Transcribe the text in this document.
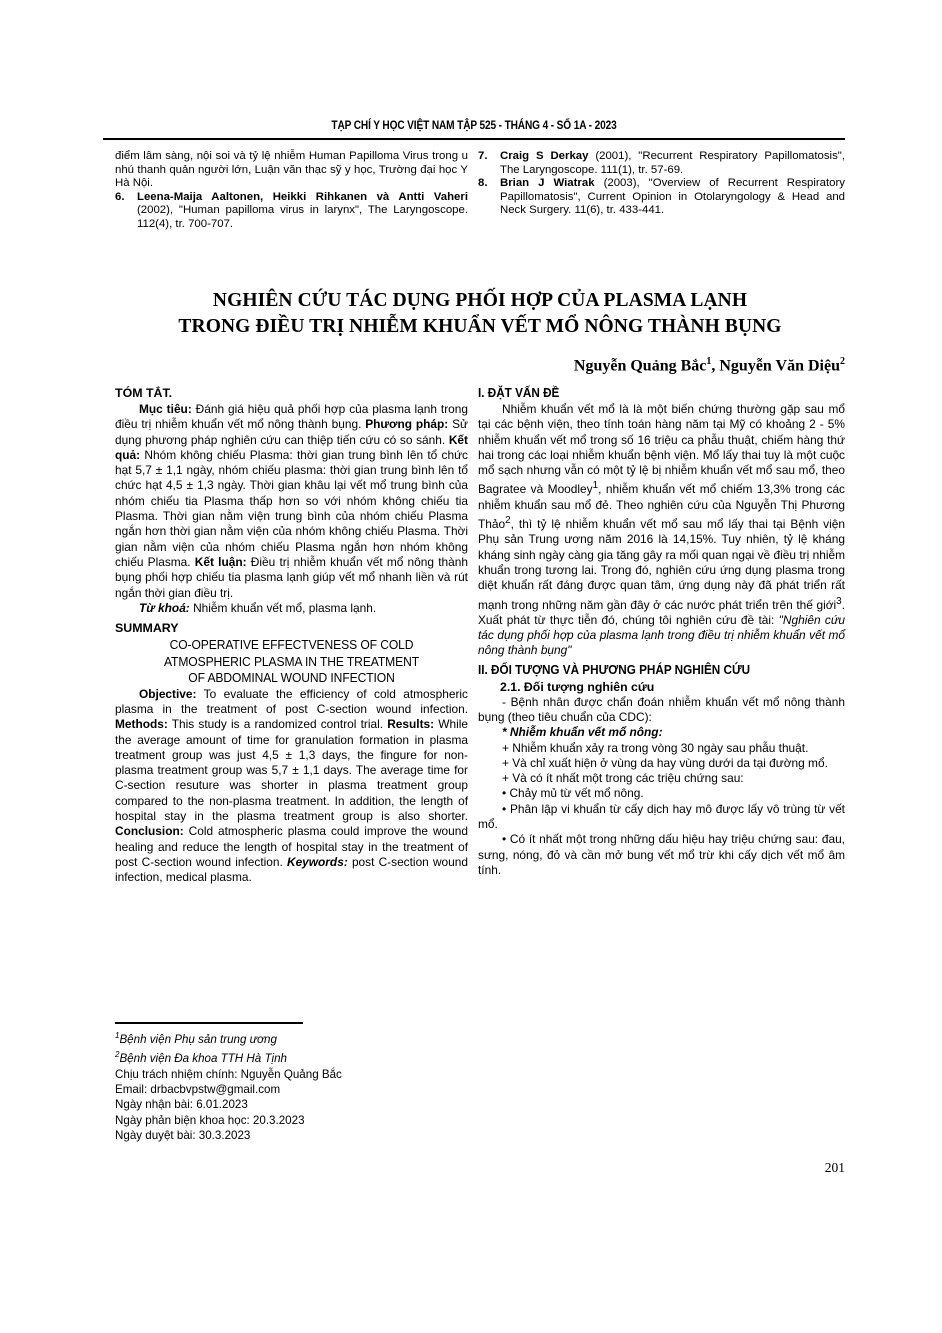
TẠP CHÍ Y HỌC VIỆT NAM TẬP 525 - THÁNG 4 - SỐ 1A - 2023
điểm lâm sàng, nội soi và tỷ lệ nhiễm Human Papilloma Virus trong u nhú thanh quản người lớn, Luận văn thạc sỹ y học, Trường đại học Y Hà Nội.
6.	Leena-Maija Aaltonen, Heikki Rihkanen và Antti Vaheri (2002), "Human papilloma virus in larynx", The Laryngoscope. 112(4), tr. 700-707.
7.	Craig S Derkay (2001), "Recurrent Respiratory Papillomatosis", The Laryngoscope. 111(1), tr. 57-69.
8.	Brian J Wiatrak (2003), "Overview of Recurrent Respiratory Papillomatosis", Current Opinion in Otolaryngology & Head and Neck Surgery. 11(6), tr. 433-441.
NGHIÊN CỨU TÁC DỤNG PHỐI HỢP CỦA PLASMA LẠNH
TRONG ĐIỀU TRỊ NHIỄM KHUẨN VẾT MỔ NÔNG THÀNH BỤNG
Nguyễn Quảng Bắc$^1$, Nguyễn Văn Diệu$^2$
TÓM TẮT.

Mục tiêu: Đánh giá hiệu quả phối hợp của plasma lạnh trong điều trị nhiễm khuẩn vết mổ nông thành bụng. Phương pháp: Sử dụng phương pháp nghiên cứu can thiệp tiến cứu có so sánh. Kết quả: Nhóm không chiếu Plasma: thời gian trung bình lên tổ chức hạt 5,7 ± 1,1 ngày, nhóm chiếu plasma: thời gian trung bình lên tổ chức hạt 4,5 ± 1,3 ngày. Thời gian khâu lại vết mổ trung bình của nhóm chiếu tia Plasma thấp hơn so với nhóm không chiếu tia Plasma. Thời gian nằm viện trung bình của nhóm chiếu Plasma ngắn hơn thời gian nằm viện của nhóm không chiếu Plasma. Thời gian nằm viện của nhóm chiếu Plasma ngắn hơn nhóm không chiếu Plasma. Kết luận: Điều trị nhiễm khuẩn vết mổ nông thành bụng phối hợp chiếu tia plasma lạnh giúp vết mổ nhanh liền và rút ngắn thời gian điều trị.

Từ khoá: Nhiễm khuẩn vết mổ, plasma lạnh.

SUMMARY
CO-OPERATIVE EFFECTVENESS OF COLD
ATMOSPHERIC PLASMA IN THE TREATMENT
OF ABDOMINAL WOUND INFECTION

Objective: To evaluate the efficiency of cold atmospheric plasma in the treatment of post C-section wound infection. Methods: This study is a randomized control trial. Results: While the average amount of time for granulation formation in plasma treatment group was just 4,5 ± 1,3 days, the fingure for non-plasma treatment group was 5,7 ± 1,1 days. The average time for C-section resuture was shorter in plasma treatment group compared to the non-plasma treatment. In addition, the length of hospital stay in the plasma treatment group is also shorter. Conclusion: Cold atmospheric plasma could improve the wound healing and reduce the length of hospital stay in the treatment of post C-section wound infection. Keywords: post C-section wound infection, medical plasma.

I. ĐẶT VẤN ĐỀ

Nhiễm khuẩn vết mổ là là một biến chứng thường gặp sau mổ tại các bệnh viện, theo tính toán hàng năm tại Mỹ có khoảng 2 - 5% nhiễm khuẩn vết mổ trong số 16 triệu ca phẫu thuật, chiếm hàng thứ hai trong các loại nhiễm khuẩn bệnh viện. Mổ lấy thai tuy là một cuộc mổ sạch nhưng vẫn có một tỷ lệ bị nhiễm khuẩn vết mổ sau mổ, theo Bagratee và Moodley$^1$, nhiễm khuẩn vết mổ chiếm 13,3% trong các nhiễm khuẩn sau mổ đẻ. Theo nghiên cứu của Nguyễn Thị Phương Thảo$^2$, thì tỷ lệ nhiễm khuẩn vết mổ sau mổ lấy thai tại Bệnh viện Phụ sản Trung ương năm 2016 là 14,15%. Tuy nhiên, tỷ lệ kháng kháng sinh ngày càng gia tăng gây ra mối quan ngại về điều trị nhiễm khuẩn trong tương lai. Trong đó, nghiên cứu ứng dụng plasma trong diệt khuẩn rất đáng được quan tâm, ứng dụng này đã phát triển rất mạnh trong những năm gần đây ở các nước phát triển trên thế giới$^3$. Xuất phát từ thực tiễn đó, chúng tôi nghiên cứu đề tài: "Nghiên cứu tác dụng phối hợp của plasma lạnh trong điều trị nhiễm khuẩn vết mổ nông thành bụng"

II. ĐỐI TƯỢNG VÀ PHƯƠNG PHÁP NGHIÊN CỨU
2.1. Đối tượng nghiên cứu

- Bệnh nhân được chẩn đoán nhiễm khuẩn vết mổ nông thành bụng (theo tiêu chuẩn của CDC):

* Nhiễm khuẩn vết mổ nông:

+ Nhiễm khuẩn xảy ra trong vòng 30 ngày sau phẫu thuật.

+ Và chỉ xuất hiện ở vùng da hay vùng dưới da tại đường mổ.

+ Và có ít nhất một trong các triệu chứng sau:

• Chảy mủ từ vết mổ nông.

• Phân lập vi khuẩn từ cấy dịch hay mô được lấy vô trùng từ vết mổ.

• Có ít nhất một trong những dấu hiệu hay triệu chứng sau: đau, sưng, nóng, đỏ và cần mở bung vết mổ trừ khi cấy dịch vết mổ âm tính.

$^1$Bệnh viện Phụ sản trung ương
$^2$Bệnh viện Đa khoa TTH Hà Tịnh
Chịu trách nhiệm chính: Nguyễn Quảng Bắc
Email: drbacbvpstw@gmail.com
Ngày nhận bài: 6.01.2023
Ngày phản biện khoa học: 20.3.2023
Ngày duyệt bài: 30.3.2023
201
